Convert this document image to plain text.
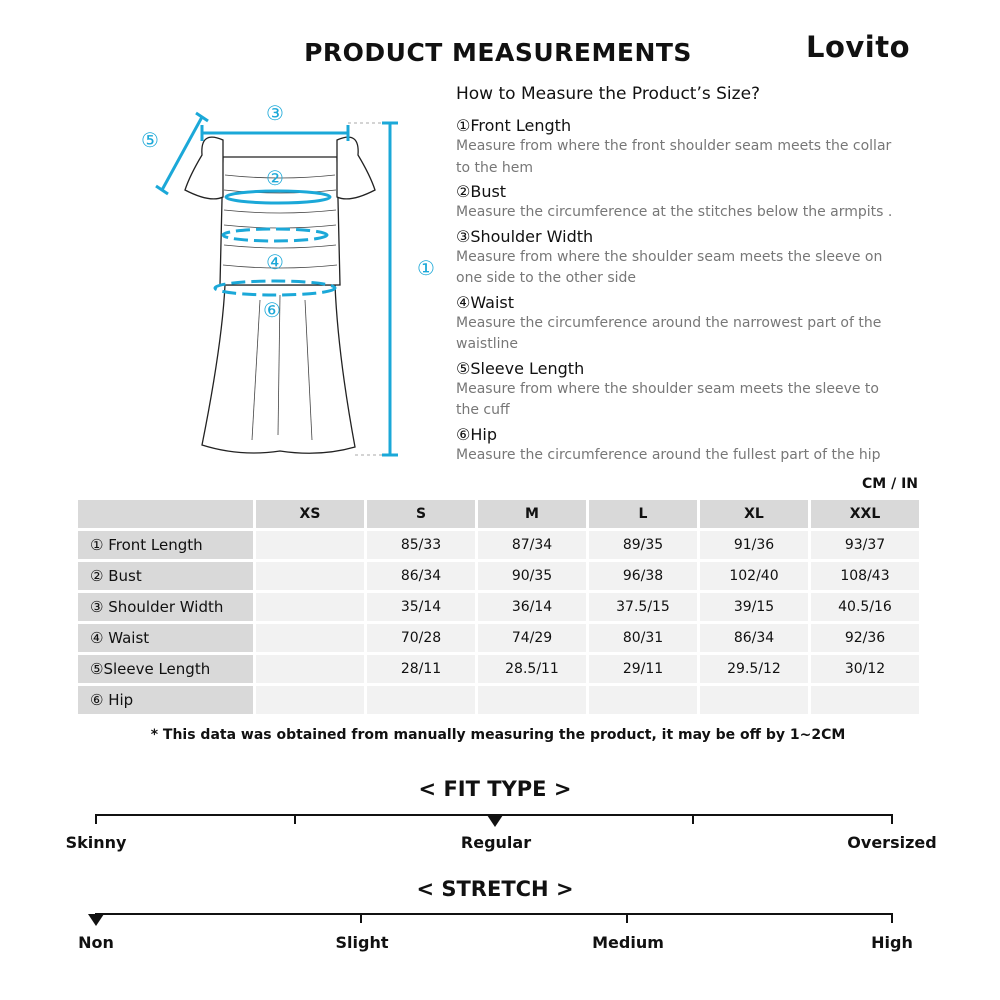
PRODUCT MEASUREMENTS	Lovito
③
②
④
⑥
⑤
①
How to Measure the Product’s Size?
①Front Length
Measure from where the front shoulder seam meets the collar to the hem
②Bust
Measure the circumference at the stitches below the armpits .
③Shoulder Width
Measure from where the shoulder seam meets the sleeve on one side to the other side
④Waist
Measure the circumference around the narrowest part of the waistline
⑤Sleeve Length
Measure from where the shoulder seam meets the sleeve to the cuff
⑥Hip
Measure the circumference around the fullest part of the hip
CM / IN
	XS	S	M	L	XL	XXL
① Front Length		85/33	87/34	89/35	91/36	93/37
② Bust		86/34	90/35	96/38	102/40	108/43
③ Shoulder Width		35/14	36/14	37.5/15	39/15	40.5/16
④ Waist		70/28	74/29	80/31	86/34	92/36
⑤Sleeve Length		28/11	28.5/11	29/11	29.5/12	30/12
⑥ Hip						
* This data was obtained from manually measuring the product, it may be off by 1~2CM
< FIT TYPE >
Skinny	Regular	Oversized
< STRETCH >
Non	Slight	Medium	High
